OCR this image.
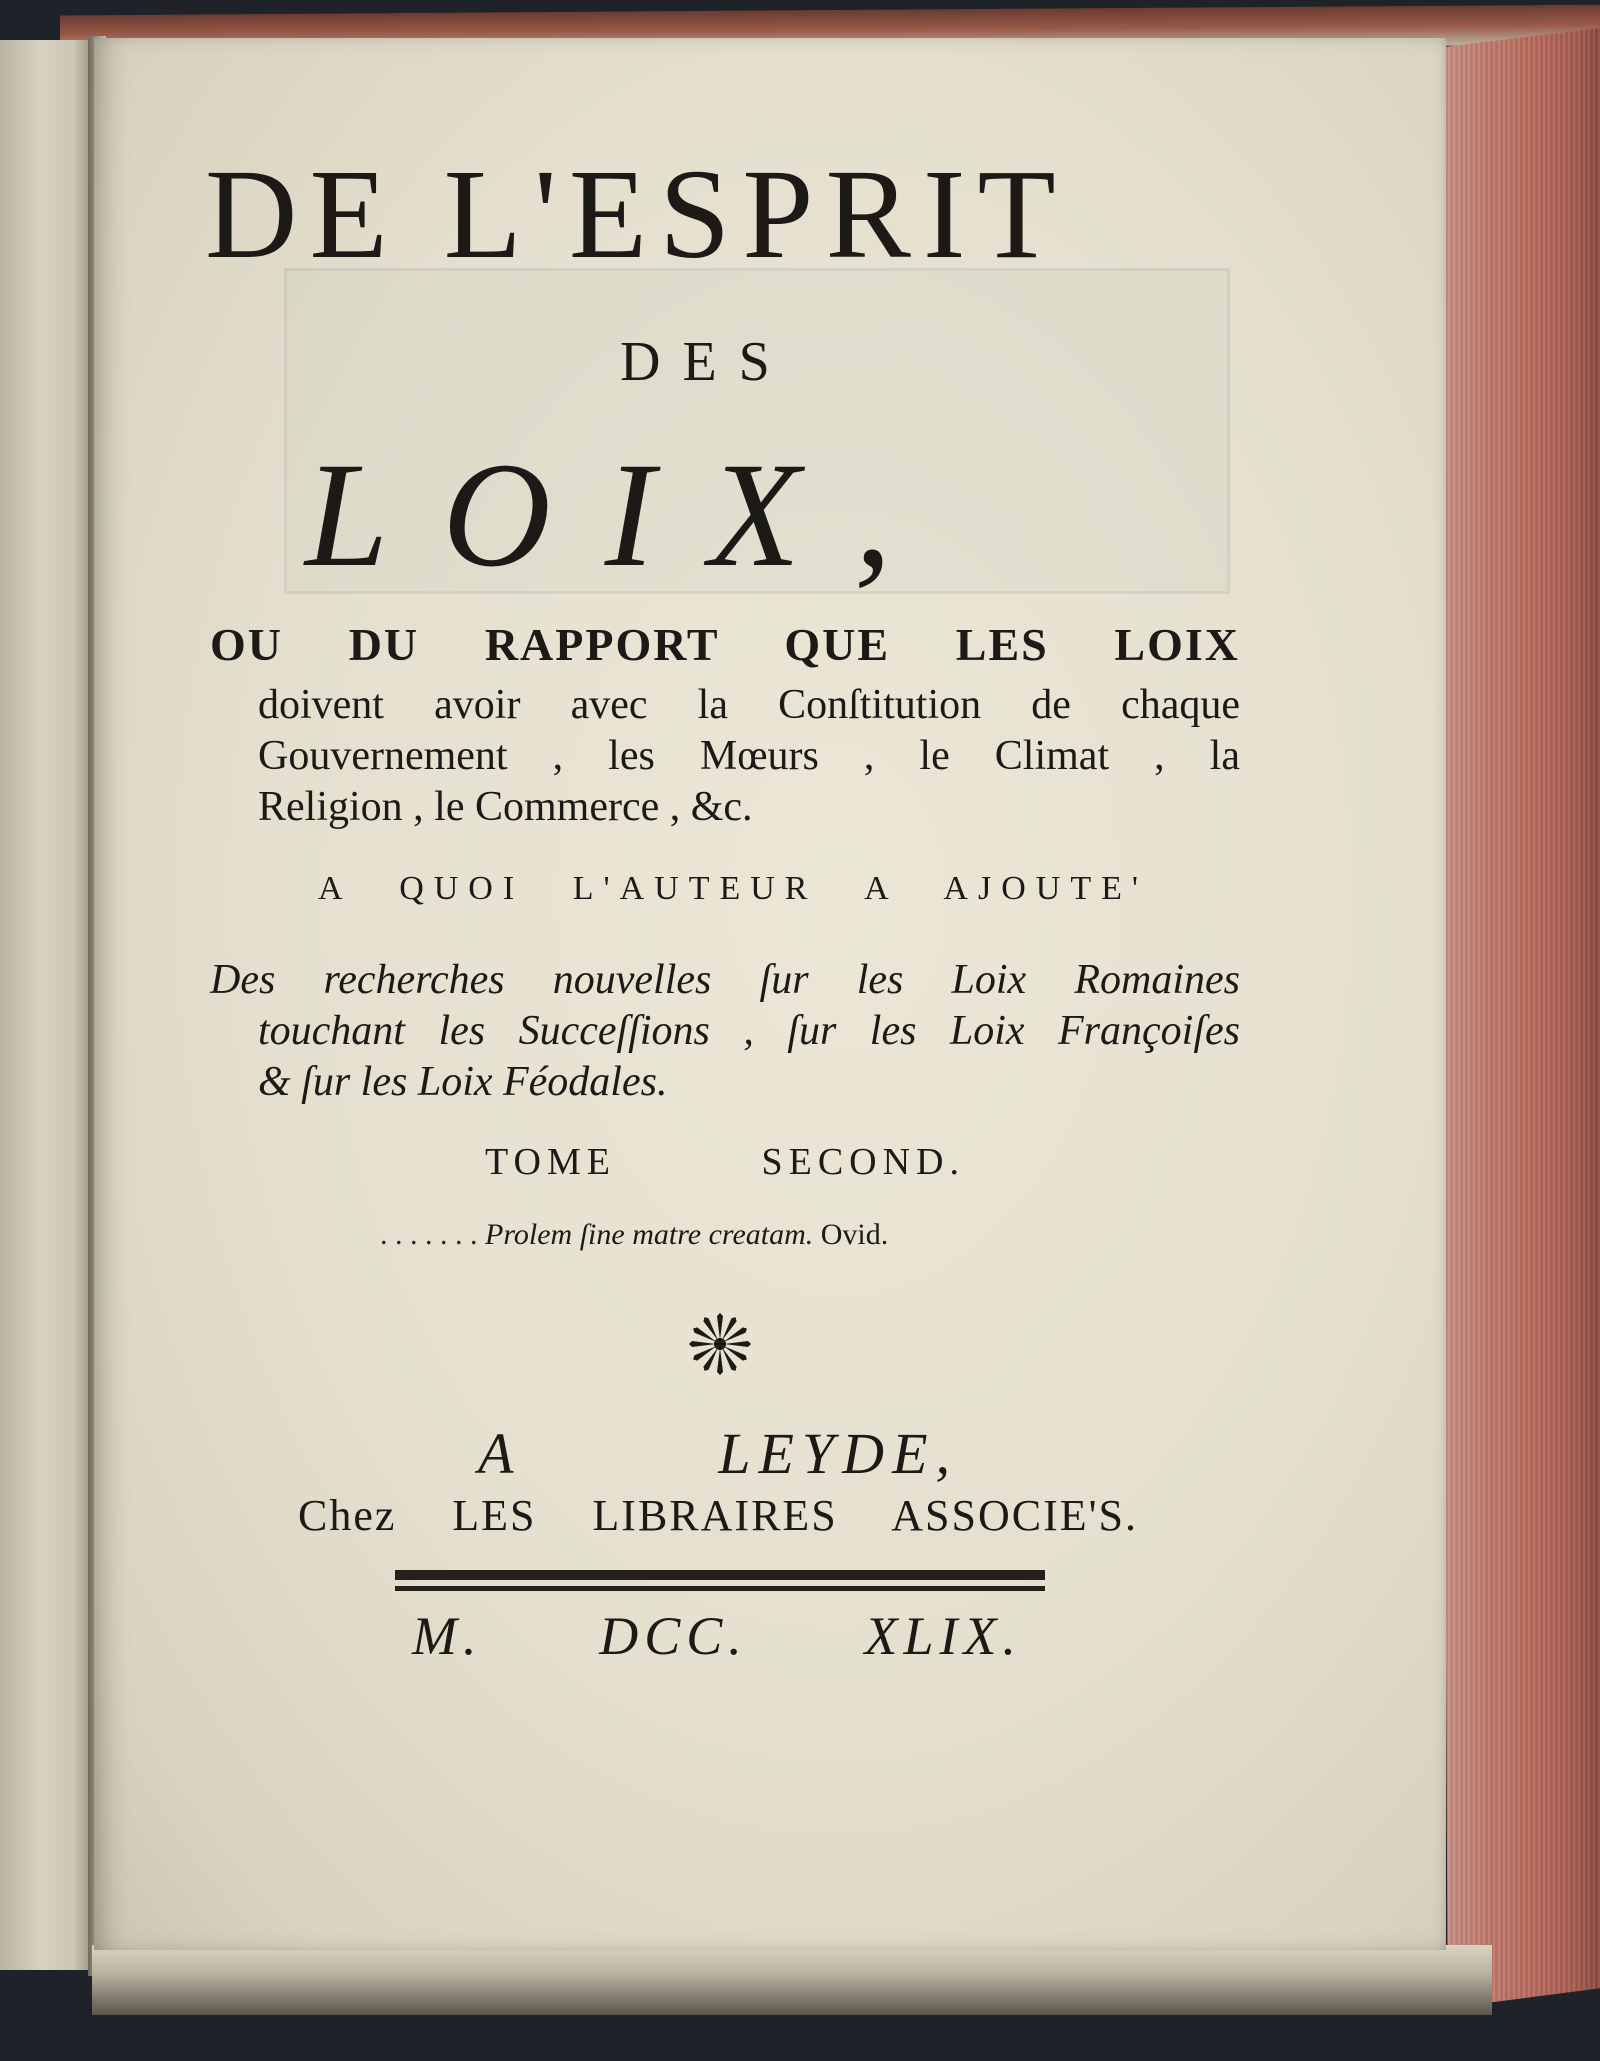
DE L'ESPRIT
DES
LOIX,
OU DU RAPPORT QUE LES LOIX
doivent avoir avec la Conſtitution de chaque
Gouvernement , les Mœurs , le Climat , la
Religion , le Commerce , &c.
A QUOI L'AUTEUR A AJOUTE'
Des recherches nouvelles ſur les Loix Romaines
touchant les Succeſſions , ſur les Loix Françoiſes
& ſur les Loix Féodales.
TOME SECOND.
. . . . . . . Prolem ſine matre creatam. Ovid.
A LEYDE,
Chez LES LIBRAIRES ASSOCIE'S.
M. DCC. XLIX.
